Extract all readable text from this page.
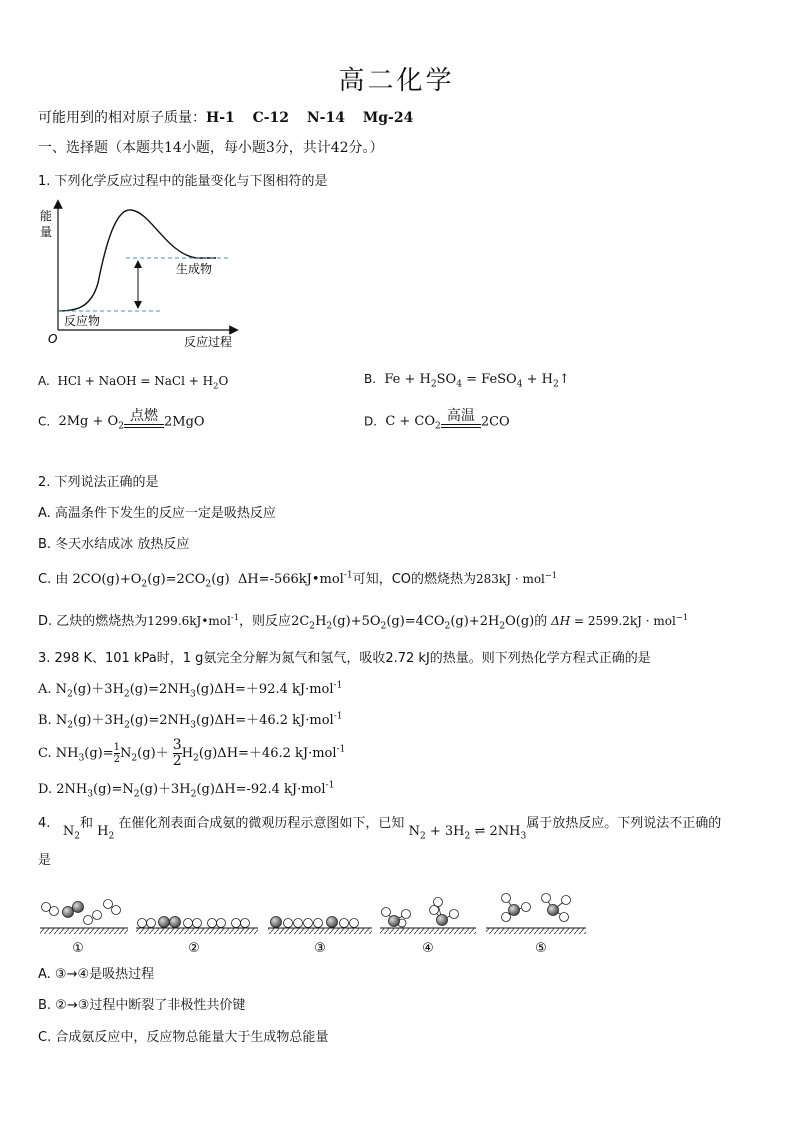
高二化学
可能用到的相对原子质量：H-1 C-12 N-14 Mg-24
一、选择题（本题共14小题，每小题3分，共计42分。）
1. 下列化学反应过程中的能量变化与下图相符的是
能
量
O	反应过程
反应物
生成物
A. HCl + NaOH = NaCl + $H_2O$	B. $Fe + H_2SO_4$ = FeSO$_4$ + $H_2↑$
C. $2Mg + O_2$
点燃 2MgO	D. $C + CO_2$
高温 2CO
2. 下列说法正确的是
A. 高温条件下发生的反应一定是吸热反应
B. 冬天水结成冰 放热反应
C. 由 $2CO(g)+O_2(g)=2CO_2(g)$  ΔH=-566kJ•mol$^{-1}$可知，CO的燃烧热为283kJ · mol$^{-1}$
D. 乙炔的燃烧热为1299.6kJ•mol$^{-1}$，则反应$2C_2H_2(g)+5O_2(g)=4CO_2(g)+2H_2O(g)$的 ΔH = 2599.2kJ · mol$^{-1}$
3. 298 K、101 kPa时，1 g氨完全分解为氮气和氢气，吸收2.72 kJ的热量。则下列热化学方程式正确的是
A. $N_2(g)+3H_2(g)=2NH_3(g)\Delta H=+92.4$ kJ·mol$^{-1}$
B. $N_2(g)+3H_2(g)=2NH_3(g)\Delta H=+46.2$ kJ·mol$^{-1}$
C. $NH_3(g)= \frac{1}{2} N_2(g)+ \frac{3}{2} H_2(g)\Delta H=+46.2$ kJ·mol$^{-1}$
D. $2NH_3(g)=N_2(g)+3H_2(g)\Delta H=-92.4$ kJ·mol$^{-1}$
4.   $N_2$和 $H_2$ 在催化剂表面合成氨的微观历程示意图如下，已知 $N_2 + 3H_2$ ⇌ $2NH_3$属于放热反应。下列说法不正确的
是
①	②	③	④	⑤
A. ③→④是吸热过程
B. ②→③过程中断裂了非极性共价键
C. 合成氨反应中，反应物总能量大于生成物总能量
